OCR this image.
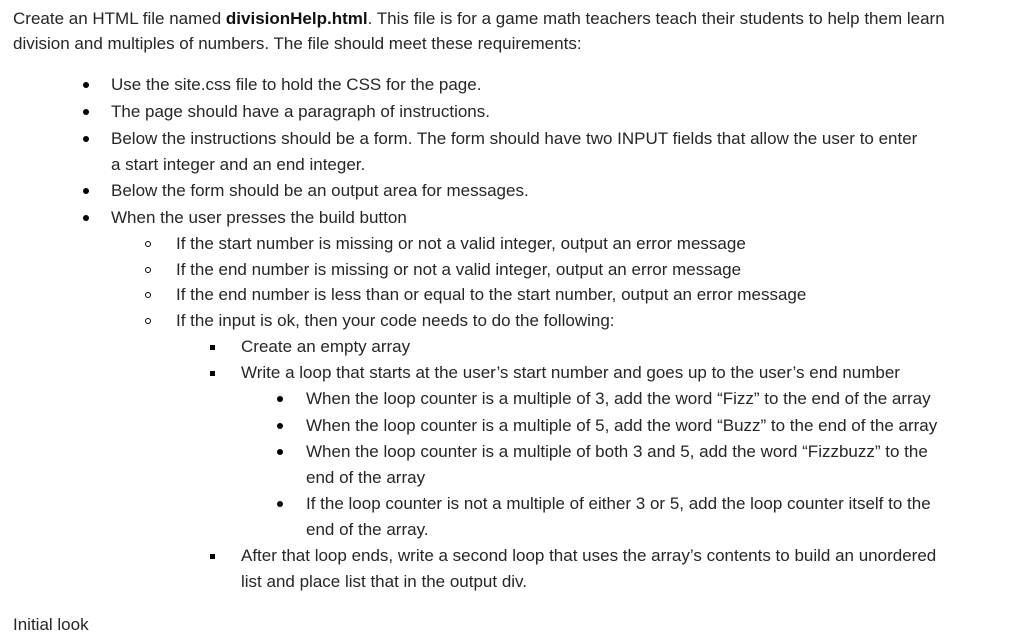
Create an HTML file named divisionHelp.html. This file is for a game math teachers teach their students to help them learn division and multiples of numbers. The file should meet these requirements:
Use the site.css file to hold the CSS for the page.
The page should have a paragraph of instructions.
Below the instructions should be a form. The form should have two INPUT fields that allow the user to enter
a start integer and an end integer.
Below the form should be an output area for messages.
When the user presses the build button
If the start number is missing or not a valid integer, output an error message
If the end number is missing or not a valid integer, output an error message
If the end number is less than or equal to the start number, output an error message
If the input is ok, then your code needs to do the following:
Create an empty array
Write a loop that starts at the user’s start number and goes up to the user’s end number
When the loop counter is a multiple of 3, add the word “Fizz” to the end of the array
When the loop counter is a multiple of 5, add the word “Buzz” to the end of the array
When the loop counter is a multiple of both 3 and 5, add the word “Fizzbuzz” to the
end of the array
If the loop counter is not a multiple of either 3 or 5, add the loop counter itself to the
end of the array.
After that loop ends, write a second loop that uses the array’s contents to build an unordered
list and place list that in the output div.
Initial look
